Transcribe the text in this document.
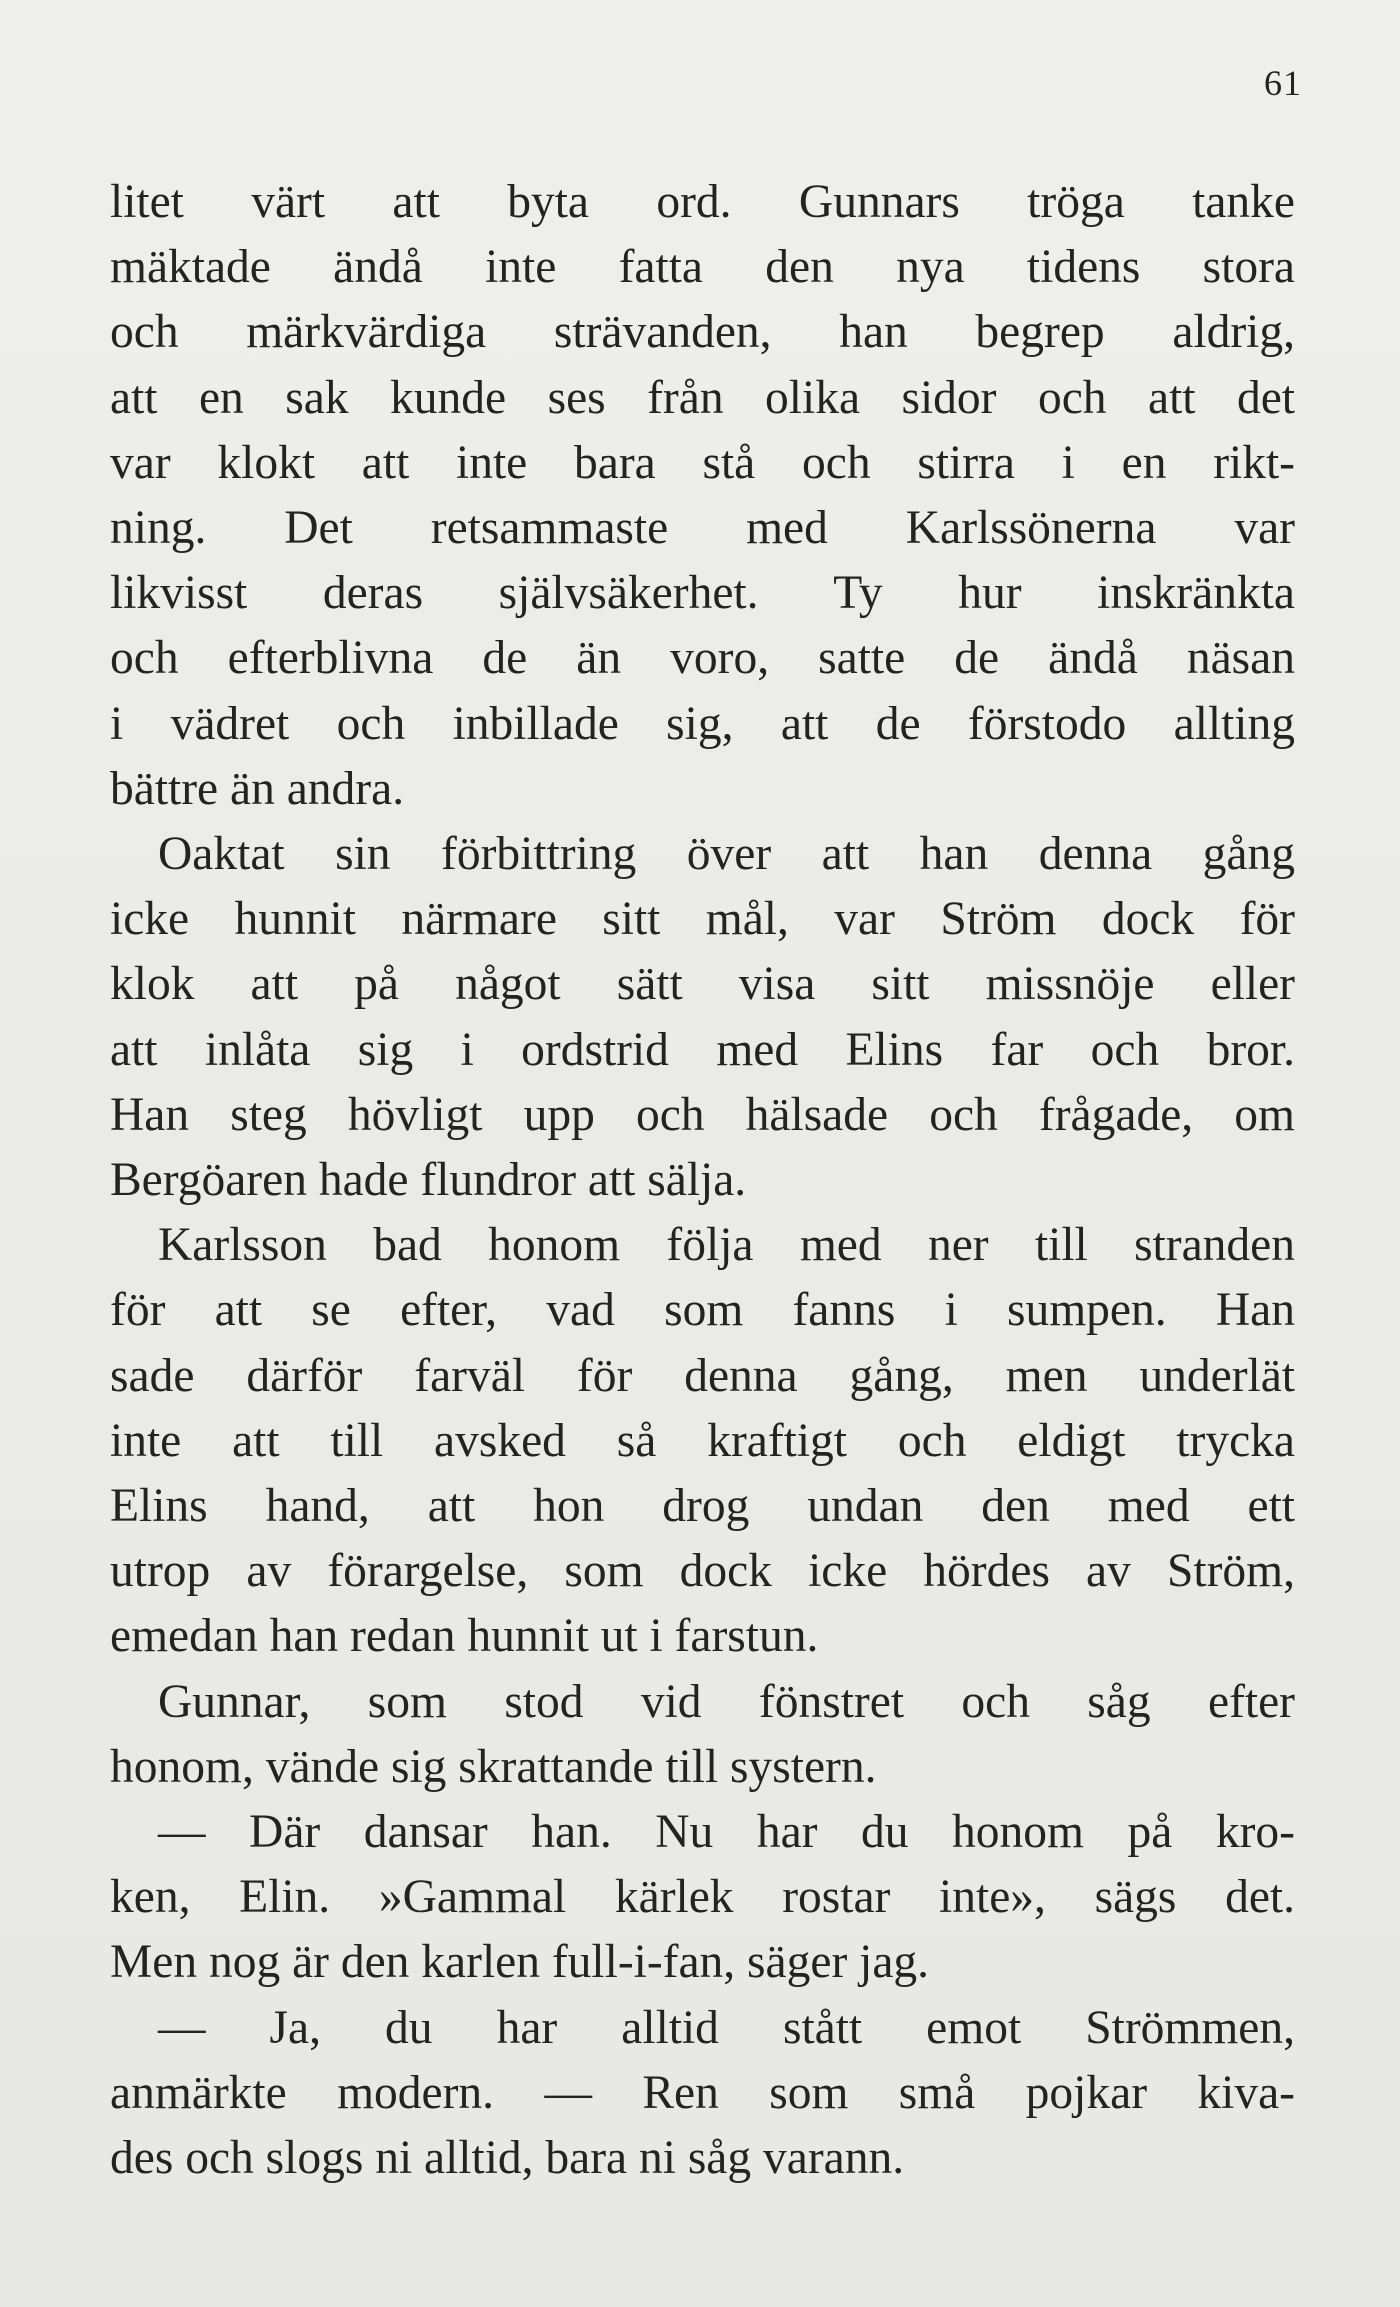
61
litet värt att byta ord. Gunnars tröga tanke
mäktade ändå inte fatta den nya tidens stora
och märkvärdiga strävanden, han begrep aldrig,
att en sak kunde ses från olika sidor och att det
var klokt att inte bara stå och stirra i en rikt-
ning. Det retsammaste med Karlssönerna var
likvisst deras självsäkerhet. Ty hur inskränkta
och efterblivna de än voro, satte de ändå näsan
i vädret och inbillade sig, att de förstodo allting
bättre än andra.
Oaktat sin förbittring över att han denna gång
icke hunnit närmare sitt mål, var Ström dock för
klok att på något sätt visa sitt missnöje eller
att inlåta sig i ordstrid med Elins far och bror.
Han steg hövligt upp och hälsade och frågade, om
Bergöaren hade flundror att sälja.
Karlsson bad honom följa med ner till stranden
för att se efter, vad som fanns i sumpen. Han
sade därför farväl för denna gång, men underlät
inte att till avsked så kraftigt och eldigt trycka
Elins hand, att hon drog undan den med ett
utrop av förargelse, som dock icke hördes av Ström,
emedan han redan hunnit ut i farstun.
Gunnar, som stod vid fönstret och såg efter
honom, vände sig skrattande till systern.
— Där dansar han. Nu har du honom på kro-
ken, Elin. »Gammal kärlek rostar inte», sägs det.
Men nog är den karlen full-i-fan, säger jag.
— Ja, du har alltid stått emot Strömmen,
anmärkte modern. — Ren som små pojkar kiva-
des och slogs ni alltid, bara ni såg varann.
